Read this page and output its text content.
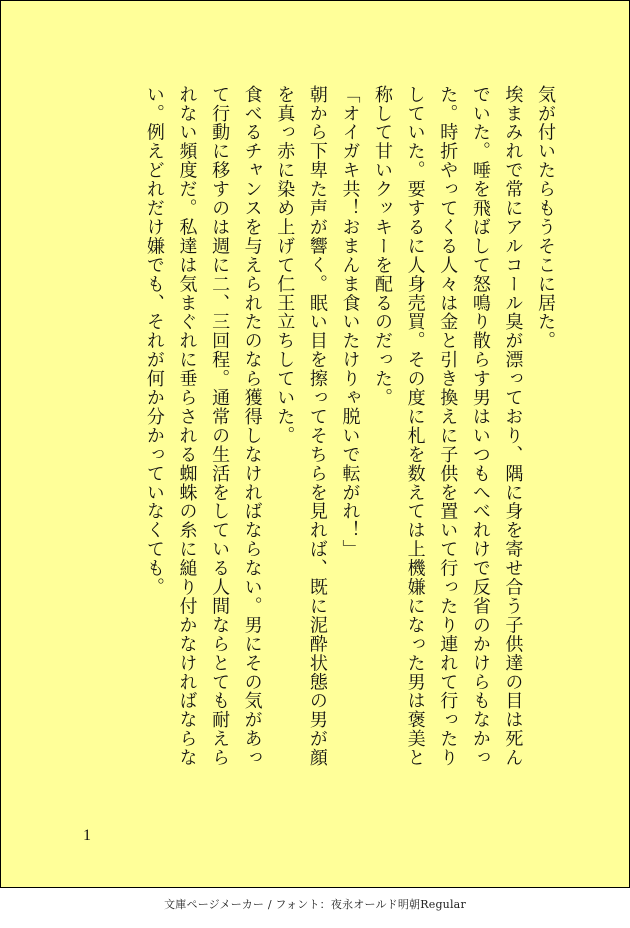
気が付いたらもうそこに居た。
埃まみれで常にアルコール臭が漂っており、隅に身を寄せ合う子供達の目は死ん
でいた。唾を飛ばして怒鳴り散らす男はいつもへべれけで反省のかけらもなかっ
た。時折やってくる人々は金と引き換えに子供を置いて行ったり連れて行ったり
していた。要するに人身売買。その度に札を数えては上機嫌になった男は褒美と
称して甘いクッキーを配るのだった。
「オイガキ共！おまんま食いたけりゃ脱いで転がれ！」
朝から下卑た声が響く。眠い目を擦ってそちらを見れば、既に泥酔状態の男が顔
を真っ赤に染め上げて仁王立ちしていた。
食べるチャンスを与えられたのなら獲得しなければならない。男にその気があっ
て行動に移すのは週に二、三回程。通常の生活をしている人間ならとても耐えら
れない頻度だ。私達は気まぐれに垂らされる蜘蛛の糸に縋り付かなければならな
い。例えどれだけ嫌でも、それが何か分かっていなくても。
1
文庫ページメーカー / フォント：夜永オールド明朝Regular
